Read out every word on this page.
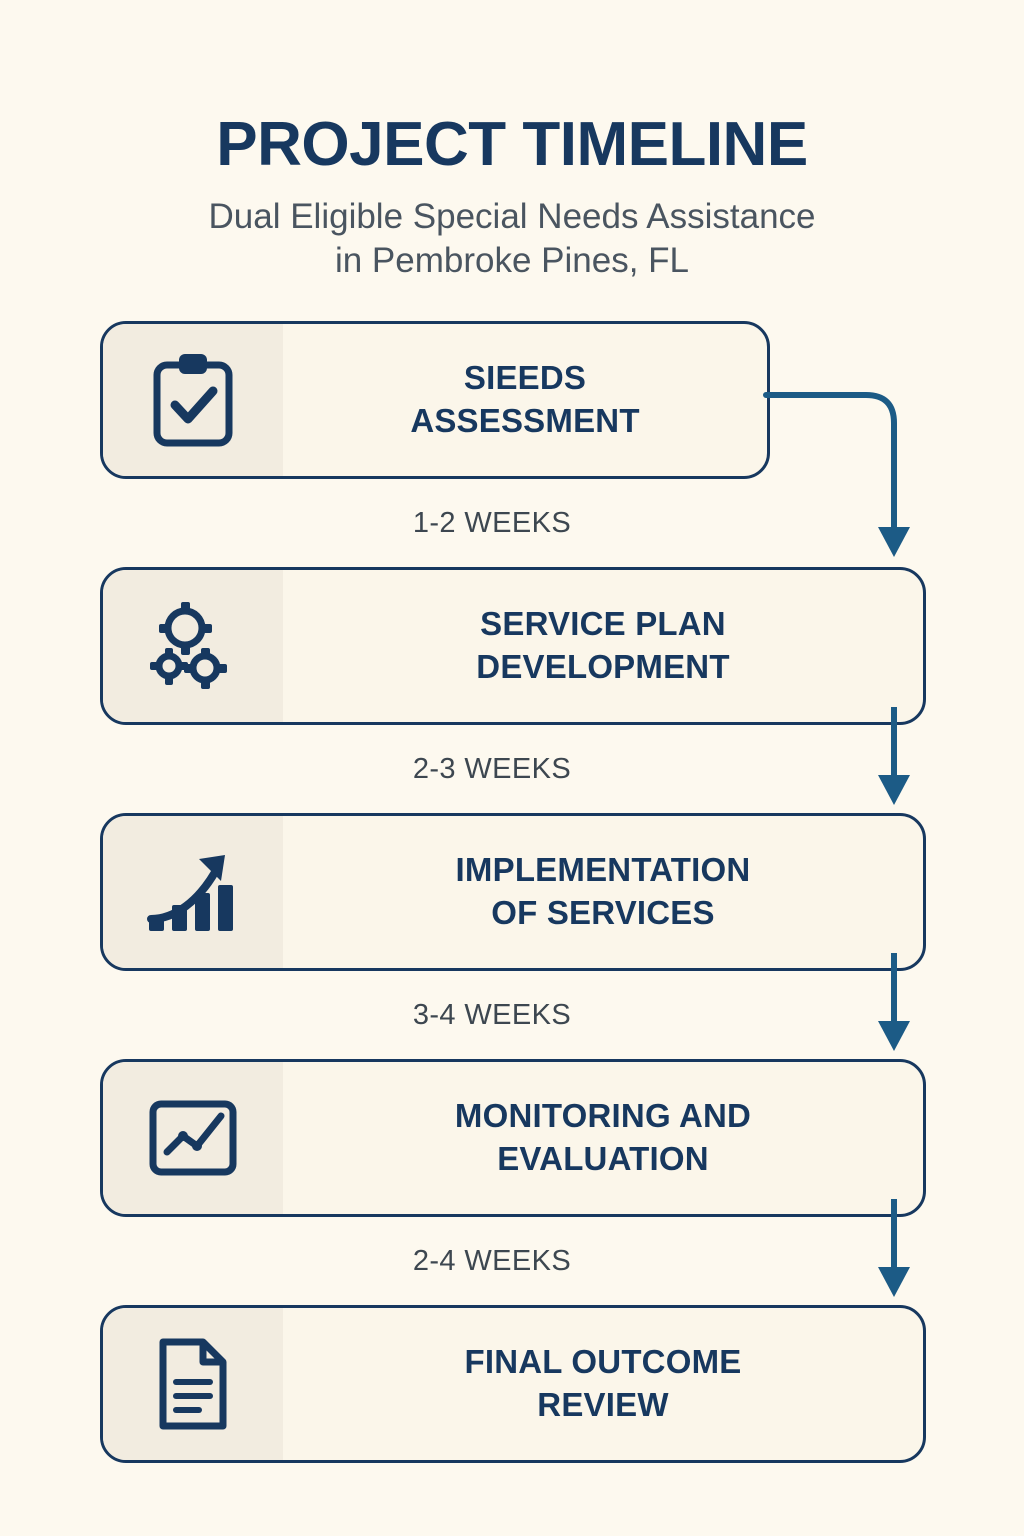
PROJECT TIMELINE
Dual Eligible Special Needs Assistance
in Pembroke Pines, FL
SIEEDS
ASSESSMENT
1-2 WEEKS
SERVICE PLAN
DEVELOPMENT
2-3 WEEKS
IMPLEMENTATION
OF SERVICES
3-4 WEEKS
MONITORING AND
EVALUATION
2-4 WEEKS
FINAL OUTCOME
REVIEW
